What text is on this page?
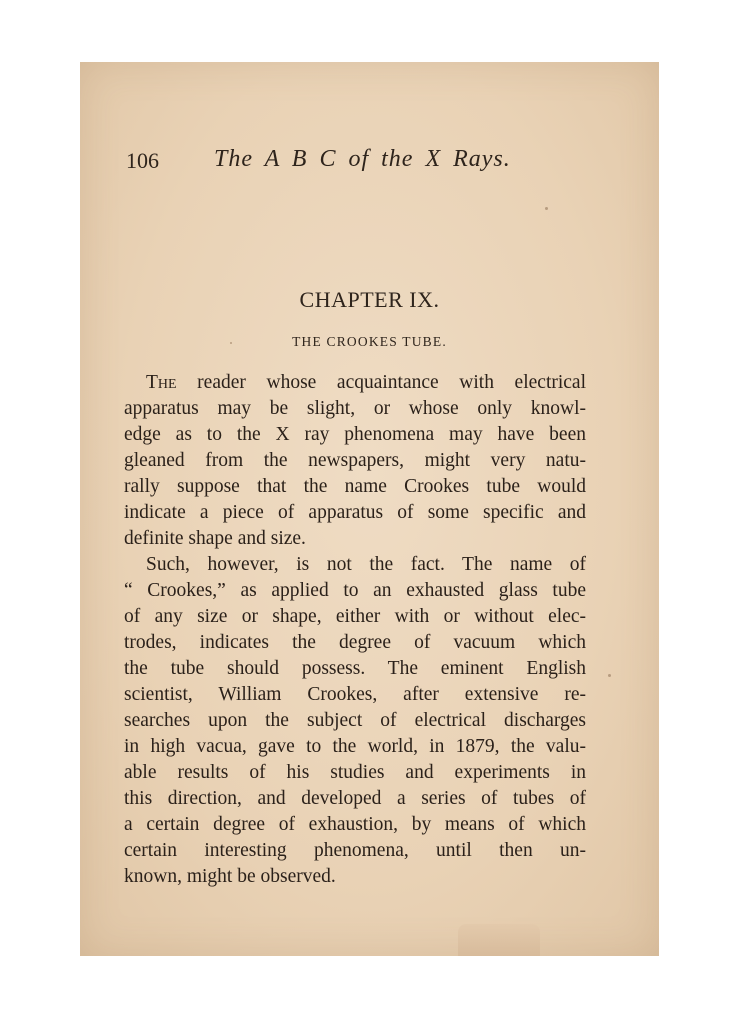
106 The A B C of the X Rays.
CHAPTER IX.
THE CROOKES TUBE.
The reader whose acquaintance with electrical
apparatus may be slight, or whose only knowl-
edge as to the X ray phenomena may have been
gleaned from the newspapers, might very natu-
rally suppose that the name Crookes tube would
indicate a piece of apparatus of some specific and
definite shape and size.
Such, however, is not the fact. The name of
“ Crookes,” as applied to an exhausted glass tube
of any size or shape, either with or without elec-
trodes, indicates the degree of vacuum which
the tube should possess. The eminent English
scientist, William Crookes, after extensive re-
searches upon the subject of electrical discharges
in high vacua, gave to the world, in 1879, the valu-
able results of his studies and experiments in
this direction, and developed a series of tubes of
a certain degree of exhaustion, by means of which
certain interesting phenomena, until then un-
known, might be observed.
